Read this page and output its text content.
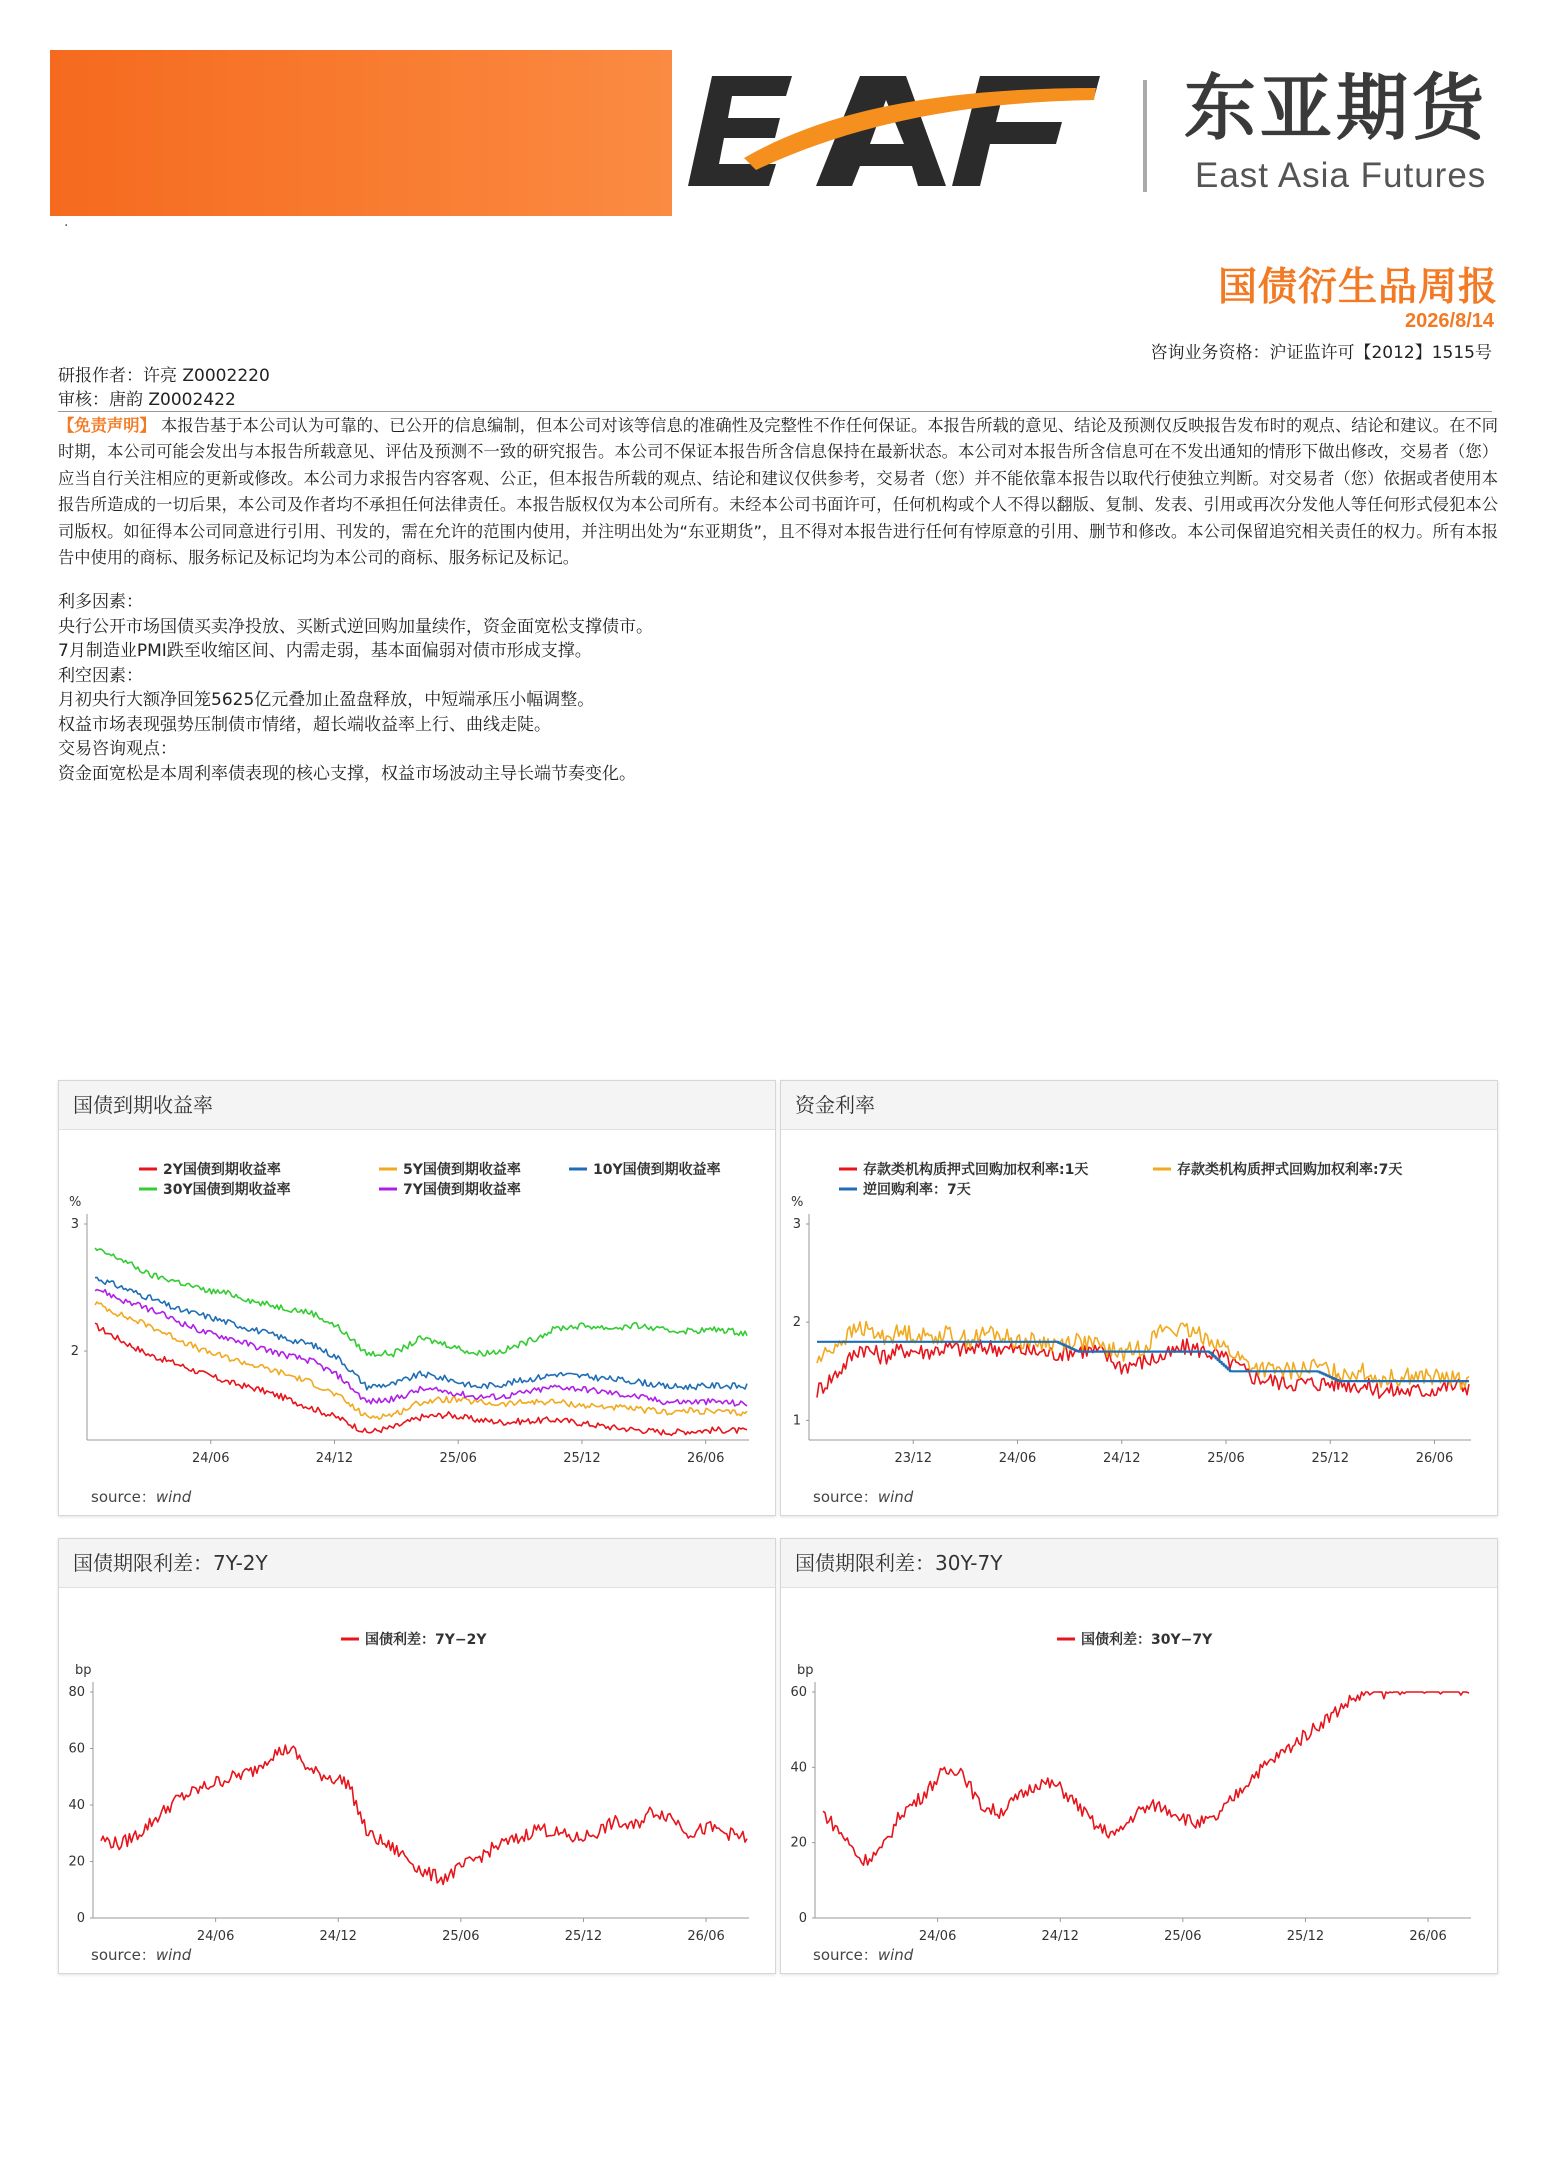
·
东亚期货
East Asia Futures
国债衍生品周报
2026/8/14
咨询业务资格：沪证监许可【2012】1515号
研报作者：许亮 Z0002220
审核：唐韵 Z0002422
【免责声明】 本报告基于本公司认为可靠的、已公开的信息编制，但本公司对该等信息的准确性及完整性不作任何保证。本报告所载的意见、结论及预测仅反映报告发布时的观点、结论和建议。在不同时期，本公司可能会发出与本报告所载意见、评估及预测不一致的研究报告。本公司不保证本报告所含信息保持在最新状态。本公司对本报告所含信息可在不发出通知的情形下做出修改，交易者（您）应当自行关注相应的更新或修改。本公司力求报告内容客观、公正，但本报告所载的观点、结论和建议仅供参考，交易者（您）并不能依靠本报告以取代行使独立判断。对交易者（您）依据或者使用本报告所造成的一切后果，本公司及作者均不承担任何法律责任。本报告版权仅为本公司所有。未经本公司书面许可，任何机构或个人不得以翻版、复制、发表、引用或再次分发他人等任何形式侵犯本公司版权。如征得本公司同意进行引用、刊发的，需在允许的范围内使用，并注明出处为“东亚期货”，且不得对本报告进行任何有悖原意的引用、删节和修改。本公司保留追究相关责任的权力。所有本报告中使用的商标、服务标记及标记均为本公司的商标、服务标记及标记。
利多因素：
央行公开市场国债买卖净投放、买断式逆回购加量续作，资金面宽松支撑债市。
7月制造业PMI跌至收缩区间、内需走弱，基本面偏弱对债市形成支撑。
利空因素：
月初央行大额净回笼5625亿元叠加止盈盘释放，中短端承压小幅调整。
权益市场表现强势压制债市情绪，超长端收益率上行、曲线走陡。
交易咨询观点：
资金面宽松是本周利率债表现的核心支撑，权益市场波动主导长端节奏变化。
国债到期收益率
%
2
3
24/06	24/12	25/06	25/12	26/06
2Y国债到期收益率	5Y国债到期收益率	10Y国债到期收益率
30Y国债到期收益率	7Y国债到期收益率
source：wind
资金利率
%
1
2
3
23/12	24/06	24/12	25/06	25/12	26/06
存款类机构质押式回购加权利率:1天	存款类机构质押式回购加权利率:7天
逆回购利率：7天
source：wind
国债期限利差：7Y-2Y
bp
0
20
40
60
80
24/06	24/12	25/06	25/12	26/06
国债利差：7Y−2Y
source：wind
国债期限利差：30Y-7Y
bp
0
20
40
60
24/06	24/12	25/06	25/12	26/06
国债利差：30Y−7Y
source：wind
